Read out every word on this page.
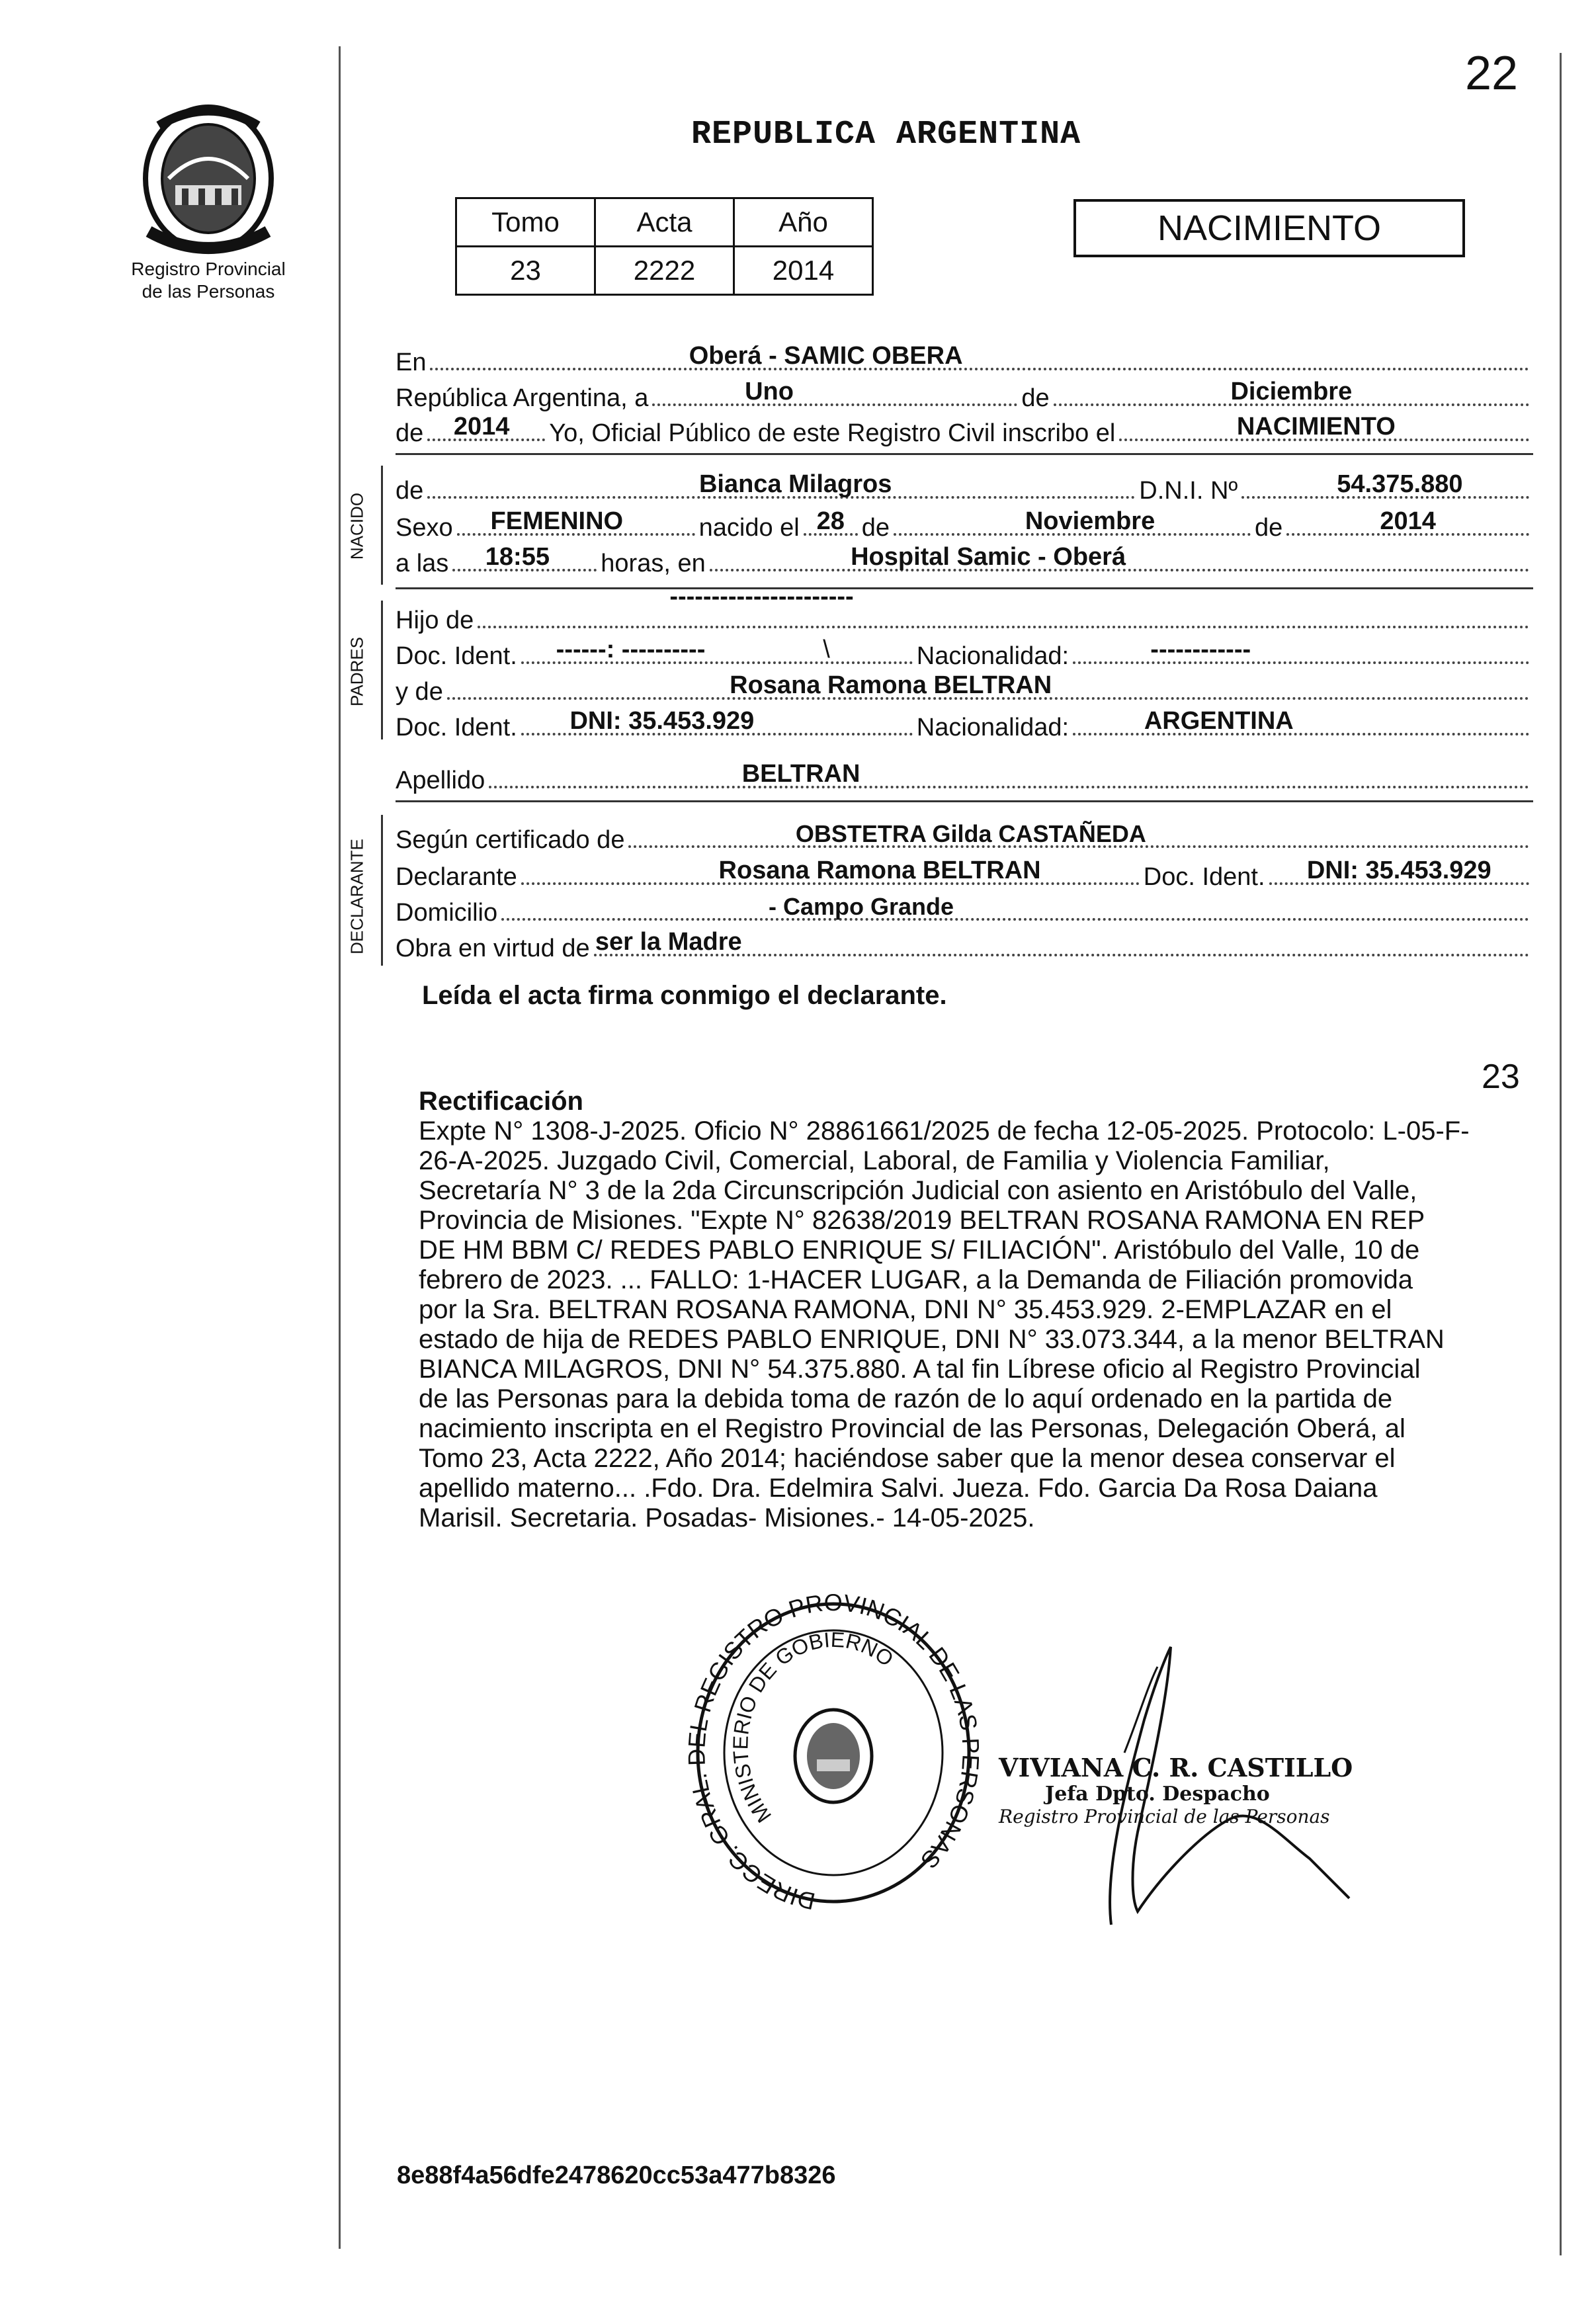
22
Registro Provincial
de las Personas
REPUBLICA ARGENTINA
Tomo	Acta	Año
23	2222	2014
NACIMIENTO
En	Oberá - SAMIC OBERA
República Argentina, a	Uno	de	Diciembre
de 2014 Yo, Oficial Público de este Registro Civil inscribo el	NACIMIENTO
NACIDO
de	Bianca Milagros	D.N.I. Nº	54.375.880
Sexo FEMENINO	nacido el 28 de	Noviembre	de	2014
a las 18:55 horas, en	Hospital Samic - Oberá
PADRES
Hijo de
----------------------
Doc. Ident. ------: ----------	\	Nacionalidad:	------------
y de	Rosana Ramona BELTRAN
Doc. Ident. DNI: 35.453.929	Nacionalidad:	ARGENTINA
Apellido	BELTRAN
DECLARANTE Según certificado de	OBSTETRA Gilda CASTAÑEDA
Declarante	Rosana Ramona BELTRAN	Doc. Ident. DNI: 35.453.929
Domicilio	- Campo Grande
Obra en virtud de ser la Madre
Leída el acta firma conmigo el declarante.
23
Rectificación
Expte N° 1308-J-2025. Oficio N° 28861661/2025 de fecha 12-05-2025. Protocolo: L-05-F-
26-A-2025. Juzgado Civil, Comercial, Laboral, de Familia y Violencia Familiar,
Secretaría N° 3 de la 2da Circunscripción Judicial con asiento en Aristóbulo del Valle,
Provincia de Misiones. "Expte N° 82638/2019 BELTRAN ROSANA RAMONA EN REP
DE HM BBM C/ REDES PABLO ENRIQUE S/ FILIACIÓN". Aristóbulo del Valle, 10 de
febrero de 2023. ... FALLO: 1-HACER LUGAR, a la Demanda de Filiación promovida
por la Sra. BELTRAN ROSANA RAMONA, DNI N° 35.453.929. 2-EMPLAZAR en el
estado de hija de REDES PABLO ENRIQUE, DNI N° 33.073.344, a la menor BELTRAN
BIANCA MILAGROS, DNI N° 54.375.880. A tal fin Líbrese oficio al Registro Provincial
de las Personas para la debida toma de razón de lo aquí ordenado en la partida de
nacimiento inscripta en el Registro Provincial de las Personas, Delegación Oberá, al
Tomo 23, Acta 2222, Año 2014; haciéndose saber que la menor desea conservar el
apellido materno... .Fdo. Dra. Edelmira Salvi. Jueza. Fdo. Garcia Da Rosa Daiana
Marisil. Secretaria. Posadas- Misiones.- 14-05-2025.
DIRECC. GRAL REGISTRO PROVINCIAL DE LA SONAS
MINISTERIO DE GOBIERNO
VIVIANA C. R. CASTILLO
Jefa Dpto. Despacho
Registro Provincial de las Personas
8e88f4a56dfe2478620cc53a477b8326
